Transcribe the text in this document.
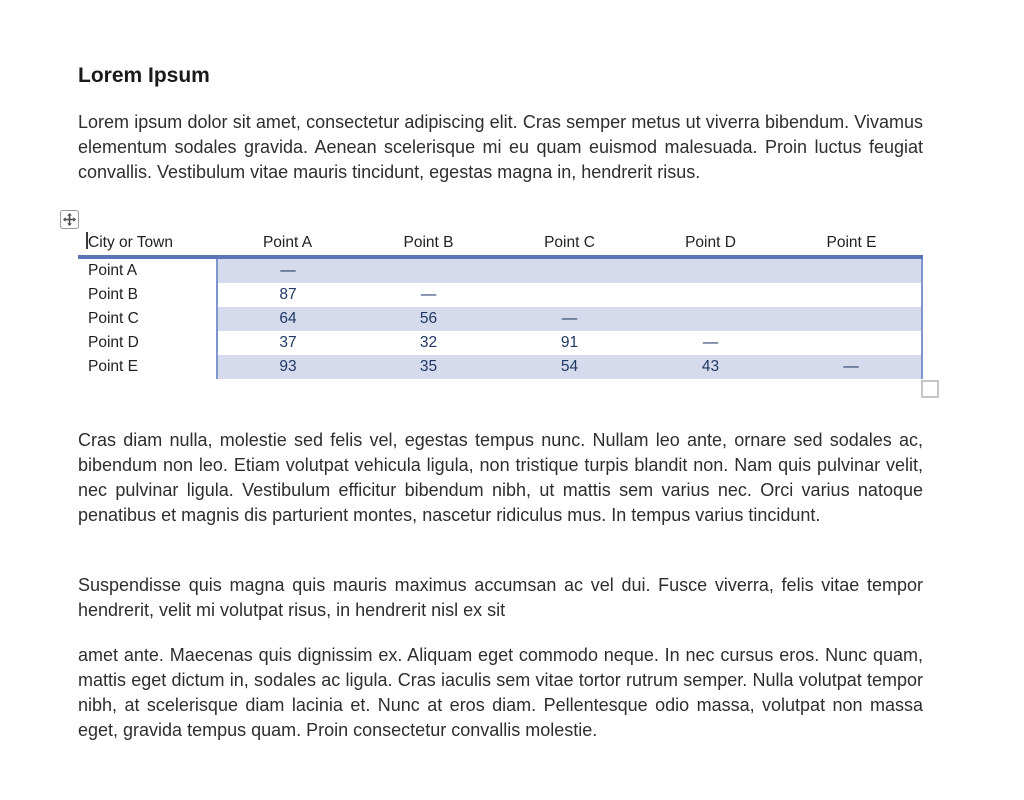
Lorem Ipsum

Lorem ipsum dolor sit amet, consectetur adipiscing elit. Cras semper metus ut viverra bibendum. Vivamus elementum sodales gravida. Aenean scelerisque mi eu quam euismod malesuada. Proin luctus feugiat convallis. Vestibulum vitae mauris tincidunt, egestas magna in, hendrerit risus.

City or Town	Point A	Point B	Point C	Point D	Point E
Point A	—				
Point B	87	—			
Point C	64	56	—		
Point D	37	32	91	—	
Point E	93	35	54	43	—

Cras diam nulla, molestie sed felis vel, egestas tempus nunc. Nullam leo ante, ornare sed sodales ac, bibendum non leo. Etiam volutpat vehicula ligula, non tristique turpis blandit non. Nam quis pulvinar velit, nec pulvinar ligula. Vestibulum efficitur bibendum nibh, ut mattis sem varius nec. Orci varius natoque penatibus et magnis dis parturient montes, nascetur ridiculus mus. In tempus varius tincidunt.

Suspendisse quis magna quis mauris maximus accumsan ac vel dui. Fusce viverra, felis vitae tempor hendrerit, velit mi volutpat risus, in hendrerit nisl ex sit

amet ante. Maecenas quis dignissim ex. Aliquam eget commodo neque. In nec cursus eros. Nunc quam, mattis eget dictum in, sodales ac ligula. Cras iaculis sem vitae tortor rutrum semper. Nulla volutpat tempor nibh, at scelerisque diam lacinia et. Nunc at eros diam. Pellentesque odio massa, volutpat non massa eget, gravida tempus quam. Proin consectetur convallis molestie.
